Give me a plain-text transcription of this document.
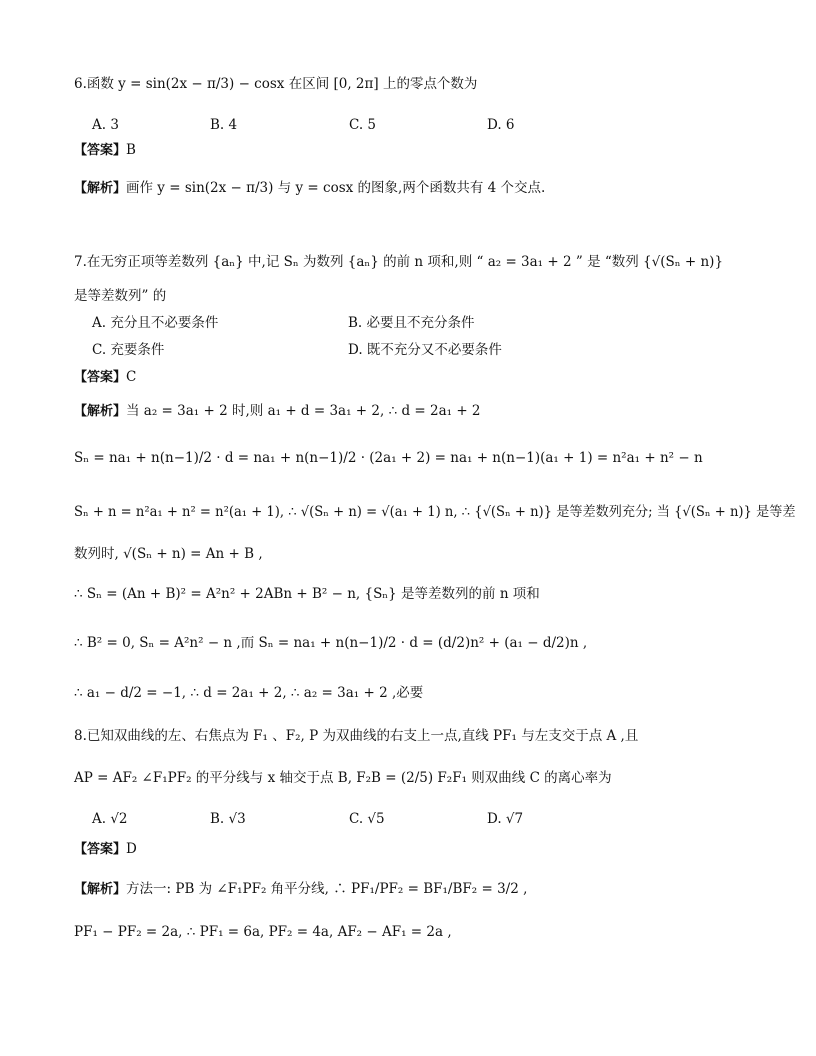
6.函数 y = sin(2x − π/3) − cosx 在区间 [0, 2π] 上的零点个数为
A. 3	B. 4	C. 5	D. 6
【答案】B
【解析】画作 y = sin(2x − π/3) 与 y = cosx 的图象,两个函数共有 4 个交点.
7.在无穷正项等差数列 {aₙ} 中,记 Sₙ 为数列 {aₙ} 的前 n 项和,则 “ a₂ = 3a₁ + 2 ” 是 “数列 {√(Sₙ + n)}
是等差数列” 的
A. 充分且不必要条件	B. 必要且不充分条件
C. 充要条件	D. 既不充分又不必要条件
【答案】C
【解析】当 a₂ = 3a₁ + 2 时,则 a₁ + d = 3a₁ + 2, ∴ d = 2a₁ + 2
Sₙ = na₁ + n(n−1)/2 · d = na₁ + n(n−1)/2 · (2a₁ + 2) = na₁ + n(n−1)(a₁ + 1) = n²a₁ + n² − n
Sₙ + n = n²a₁ + n² = n²(a₁ + 1), ∴ √(Sₙ + n) = √(a₁ + 1) n, ∴ {√(Sₙ + n)} 是等差数列充分; 当 {√(Sₙ + n)} 是等差
数列时, √(Sₙ + n) = An + B ,
∴ Sₙ = (An + B)² = A²n² + 2ABn + B² − n, {Sₙ} 是等差数列的前 n 项和
∴ B² = 0, Sₙ = A²n² − n ,而 Sₙ = na₁ + n(n−1)/2 · d = (d/2)n² + (a₁ − d/2)n ,
∴ a₁ − d/2 = −1, ∴ d = 2a₁ + 2, ∴ a₂ = 3a₁ + 2 ,必要
8.已知双曲线的左、右焦点为 F₁ 、F₂, P 为双曲线的右支上一点,直线 PF₁ 与左支交于点 A ,且
AP = AF₂ ∠F₁PF₂ 的平分线与 x 轴交于点 B, F₂B = (2/5) F₂F₁ 则双曲线 C 的离心率为
A. √2	B. √3	C. √5	D. √7
【答案】D
【解析】方法一: PB 为 ∠F₁PF₂ 角平分线, ∴ PF₁/PF₂ = BF₁/BF₂ = 3/2 ,
PF₁ − PF₂ = 2a, ∴ PF₁ = 6a, PF₂ = 4a, AF₂ − AF₁ = 2a ,
